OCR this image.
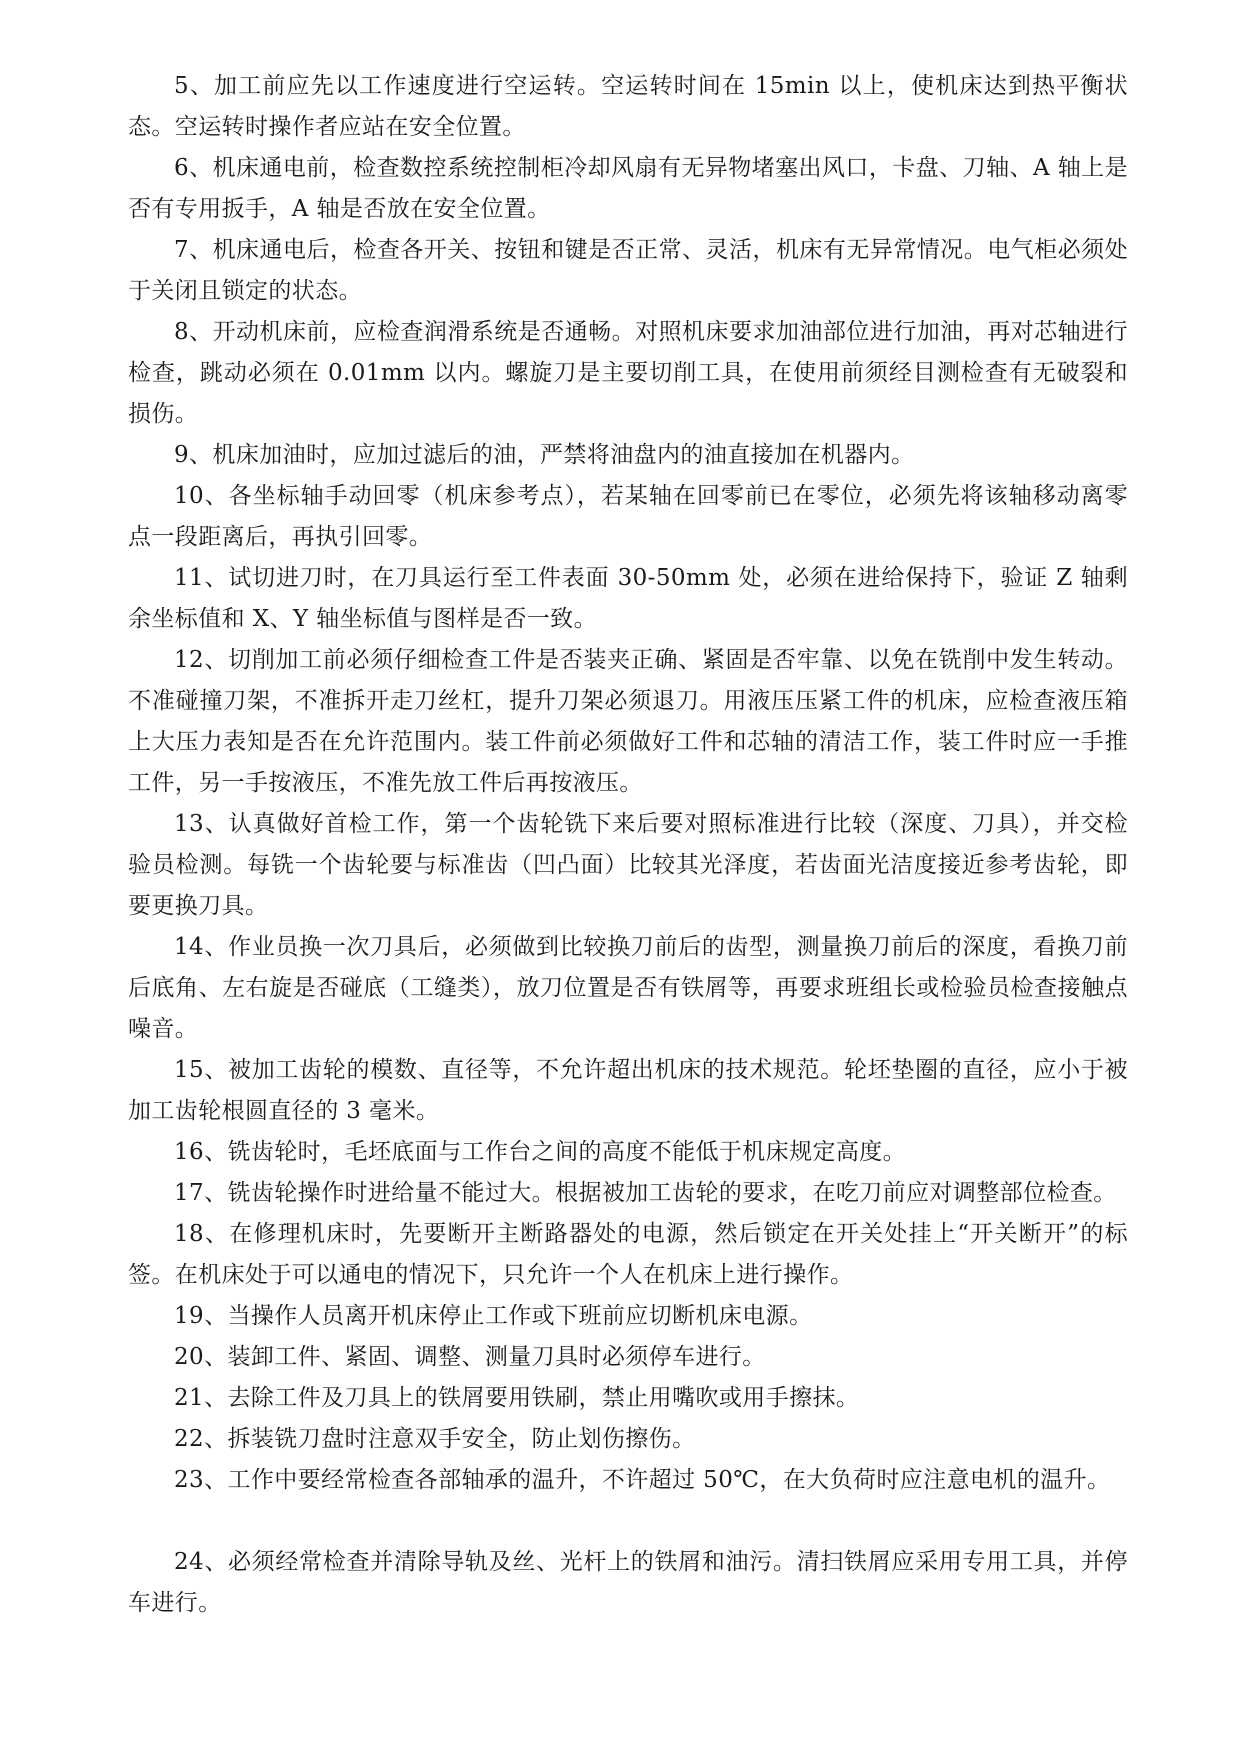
5、加工前应先以工作速度进行空运转。空运转时间在 15min 以上，使机床达到热平衡状态。空运转时操作者应站在安全位置。

6、机床通电前，检查数控系统控制柜冷却风扇有无异物堵塞出风口，卡盘、刀轴、A 轴上是否有专用扳手，A 轴是否放在安全位置。

7、机床通电后，检查各开关、按钮和键是否正常、灵活，机床有无异常情况。电气柜必须处于关闭且锁定的状态。

8、开动机床前，应检查润滑系统是否通畅。对照机床要求加油部位进行加油，再对芯轴进行检查，跳动必须在 0.01mm 以内。螺旋刀是主要切削工具，在使用前须经目测检查有无破裂和损伤。

9、机床加油时，应加过滤后的油，严禁将油盘内的油直接加在机器内。

10、各坐标轴手动回零（机床参考点），若某轴在回零前已在零位，必须先将该轴移动离零点一段距离后，再执引回零。

11、试切进刀时，在刀具运行至工件表面 30-50mm 处，必须在进给保持下，验证 Z 轴剩余坐标值和 X、Y 轴坐标值与图样是否一致。

12、切削加工前必须仔细检查工件是否装夹正确、紧固是否牢靠、以免在铣削中发生转动。不准碰撞刀架，不准拆开走刀丝杠，提升刀架必须退刀。用液压压紧工件的机床，应检查液压箱上大压力表知是否在允许范围内。装工件前必须做好工件和芯轴的清洁工作，装工件时应一手推工件，另一手按液压，不准先放工件后再按液压。

13、认真做好首检工作，第一个齿轮铣下来后要对照标准进行比较（深度、刀具），并交检验员检测。每铣一个齿轮要与标准齿（凹凸面）比较其光泽度，若齿面光洁度接近参考齿轮，即要更换刀具。

14、作业员换一次刀具后，必须做到比较换刀前后的齿型，测量换刀前后的深度，看换刀前后底角、左右旋是否碰底（工缝类），放刀位置是否有铁屑等，再要求班组长或检验员检查接触点噪音。

15、被加工齿轮的模数、直径等，不允许超出机床的技术规范。轮坯垫圈的直径，应小于被加工齿轮根圆直径的 3 毫米。

16、铣齿轮时，毛坯底面与工作台之间的高度不能低于机床规定高度。

17、铣齿轮操作时进给量不能过大。根据被加工齿轮的要求，在吃刀前应对调整部位检查。

18、在修理机床时，先要断开主断路器处的电源，然后锁定在开关处挂上“开关断开”的标签。在机床处于可以通电的情况下，只允许一个人在机床上进行操作。

19、当操作人员离开机床停止工作或下班前应切断机床电源。

20、装卸工件、紧固、调整、测量刀具时必须停车进行。

21、去除工件及刀具上的铁屑要用铁刷，禁止用嘴吹或用手擦抹。

22、拆装铣刀盘时注意双手安全，防止划伤擦伤。

23、工作中要经常检查各部轴承的温升，不许超过 50℃，在大负荷时应注意电机的温升。

24、必须经常检查并清除导轨及丝、光杆上的铁屑和油污。清扫铁屑应采用专用工具，并停车进行。
